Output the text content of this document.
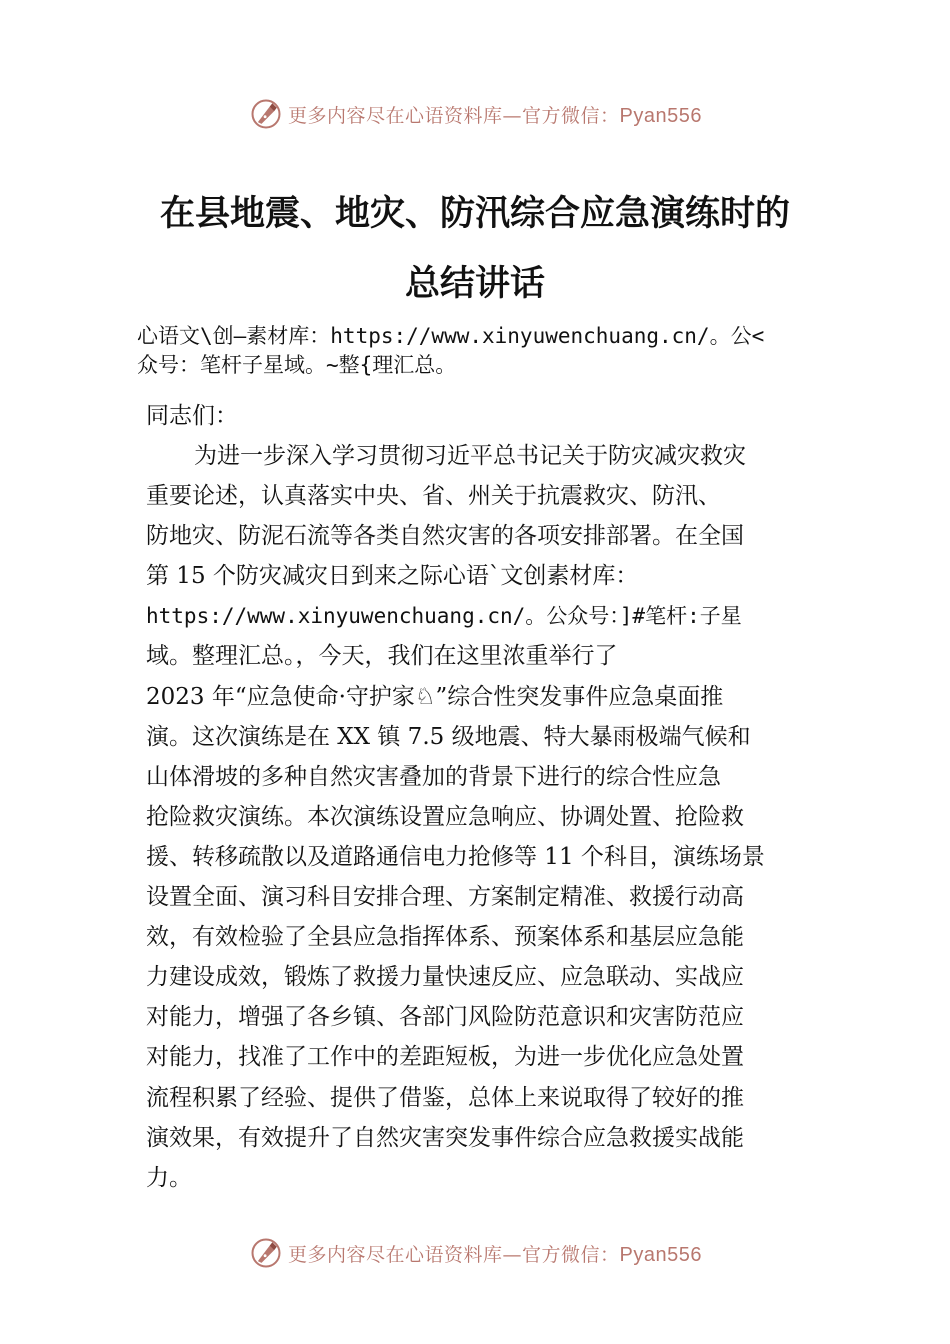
更多内容尽在心语资料库—官方微信：Pyan556
在县地震、地灾、防汛综合应急演练时的
总结讲话
心语文\创—素材库：https://www.xinyuwenchuang.cn/。公<
众号：笔杆子星域。~整{理汇总。
同志们：
为进一步深入学习贯彻习近平总书记关于防灾减灾救灾
重要论述，认真落实中央、省、州关于抗震救灾、防汛、
防地灾、防泥石流等各类自然灾害的各项安排部署。在全国
第 15 个防灾减灾日到来之际心语`文创素材库：
https://www.xinyuwenchuang.cn/。公众号：]#笔杆:子星
域。整理汇总。，今天，我们在这里浓重举行了
2023 年“应急使命·守护家♘”综合性突发事件应急桌面推
演。这次演练是在 XX 镇 7.5 级地震、特大暴雨极端气候和
山体滑坡的多种自然灾害叠加的背景下进行的综合性应急
抢险救灾演练。本次演练设置应急响应、协调处置、抢险救
援、转移疏散以及道路通信电力抢修等 11 个科目，演练场景
设置全面、演习科目安排合理、方案制定精准、救援行动高
效，有效检验了全县应急指挥体系、预案体系和基层应急能
力建设成效，锻炼了救援力量快速反应、应急联动、实战应
对能力，增强了各乡镇、各部门风险防范意识和灾害防范应
对能力，找准了工作中的差距短板，为进一步优化应急处置
流程积累了经验、提供了借鉴，总体上来说取得了较好的推
演效果，有效提升了自然灾害突发事件综合应急救援实战能
力。
更多内容尽在心语资料库—官方微信：Pyan556
